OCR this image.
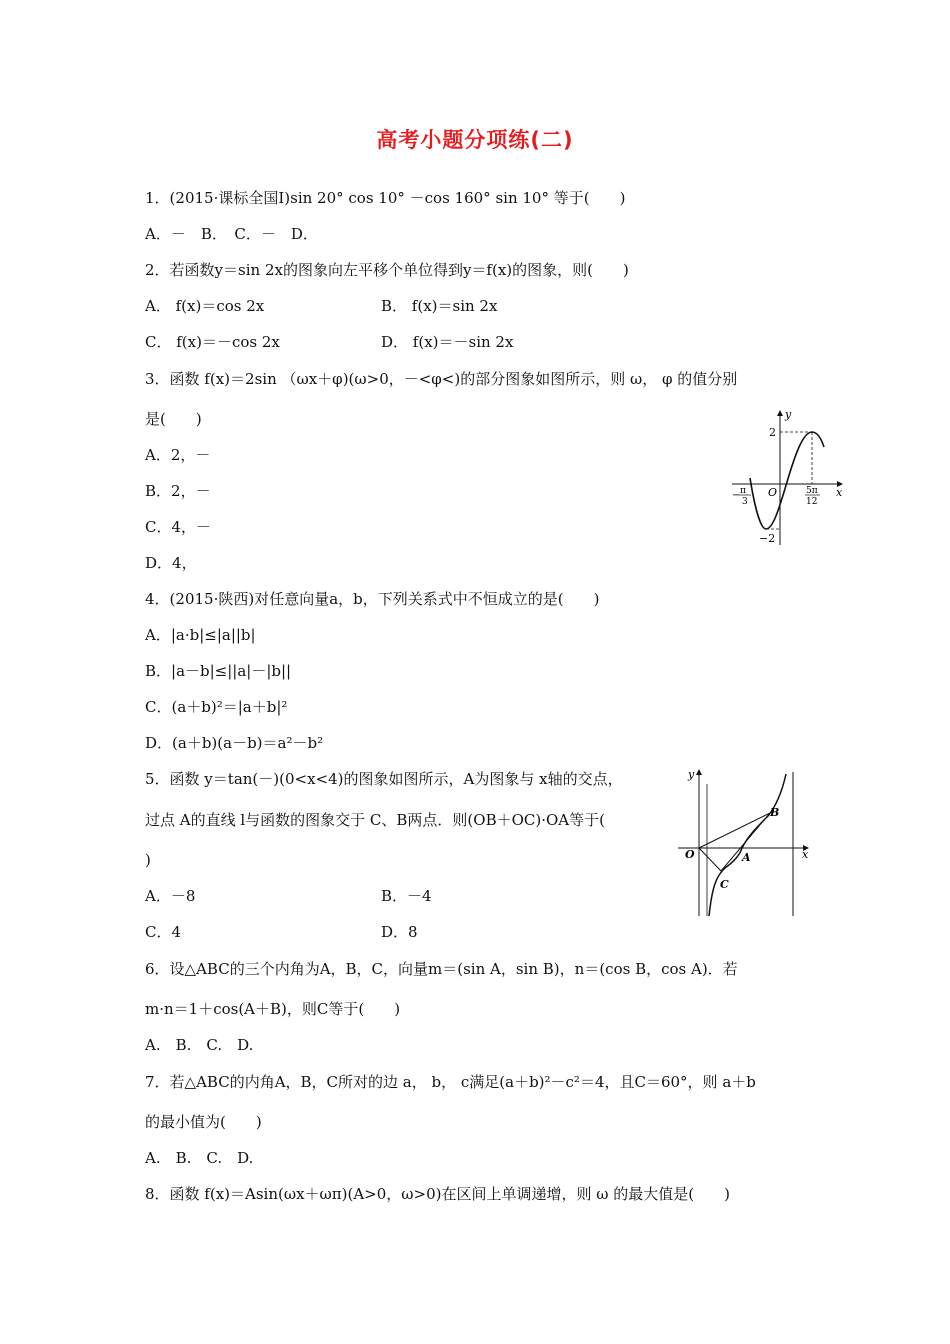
高考小题分项练(二)
1．(2015·课标全国Ⅰ)sin 20° cos 10° －cos 160° sin 10° 等于(　　)
A．－　B．　C．－　D．
2．若函数y＝sin 2x的图象向左平移个单位得到y＝f(x)的图象，则(　　)
A． f(x)＝cos 2x	B． f(x)＝sin 2x
C． f(x)＝－cos 2x	D． f(x)＝－sin 2x
3．函数 f(x)＝2sin （ωx＋φ)(ω>0，－<φ<)的部分图象如图所示，则 ω， φ 的值分别
是(　　)
A．2，－
B．2，－
C．4，－
D．4，
4．(2015·陕西)对任意向量a，b，下列关系式中不恒成立的是(　　)
A．|a·b|≤|a||b|
B．|a－b|≤||a|－|b||
C．(a＋b)²＝|a＋b|²
D．(a＋b)(a－b)＝a²－b²
5．函数 y＝tan(－)(0<x<4)的图象如图所示，A为图象与 x轴的交点，
过点 A的直线 l与函数的图象交于 C、B两点．则(OB＋OC)·OA等于(
)
A．－8	B．－4
C．4	D．8
6．设△ABC的三个内角为A，B，C，向量m＝(sin A，sin B)，n＝(cos B，cos A)．若
m·n＝1＋cos(A＋B)，则C等于(　　)
A.　B.　C.　D.
7．若△ABC的内角A，B，C所对的边 a， b， c满足(a＋b)²－c²＝4，且C＝60°，则 a＋b
的最小值为(　　)
A.　B.　C.　D.
8．函数 f(x)＝Asin(ωx＋ωπ)(A>0，ω>0)在区间上单调递增，则 ω 的最大值是(　　)
y
x
2
−2
O
− π
3
5π
12
y
x
O	A
B
C
